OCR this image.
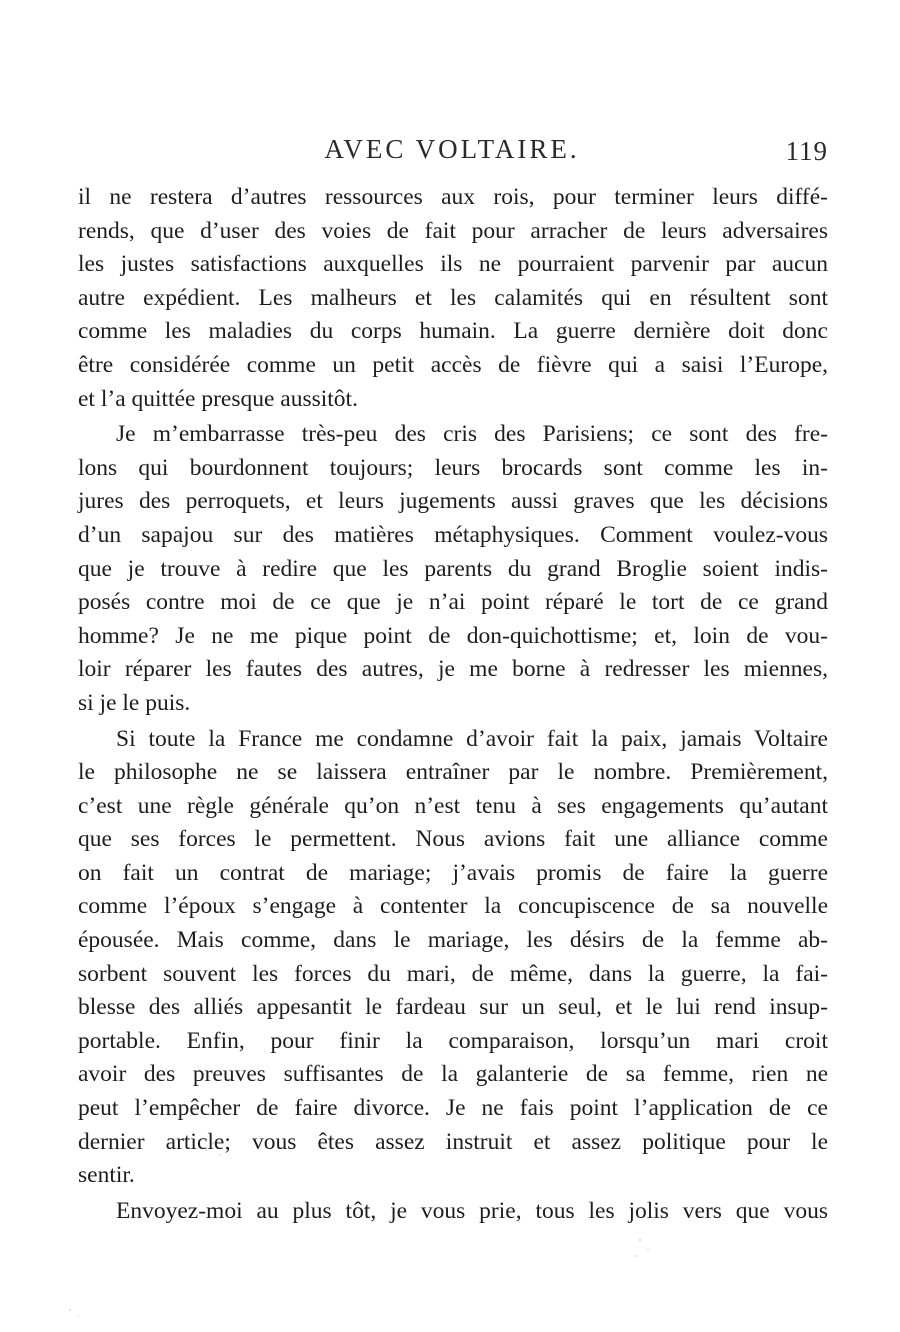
AVEC VOLTAIRE.	119
il ne restera d’autres ressources aux rois, pour terminer leurs diffé-
rends, que d’user des voies de fait pour arracher de leurs adversaires
les justes satisfactions auxquelles ils ne pourraient parvenir par aucun
autre expédient. Les malheurs et les calamités qui en résultent sont
comme les maladies du corps humain. La guerre dernière doit donc
être considérée comme un petit accès de fièvre qui a saisi l’Europe,
et l’a quittée presque aussitôt.
Je m’embarrasse très-peu des cris des Parisiens; ce sont des fre-
lons qui bourdonnent toujours; leurs brocards sont comme les in-
jures des perroquets, et leurs jugements aussi graves que les décisions
d’un sapajou sur des matières métaphysiques. Comment voulez-vous
que je trouve à redire que les parents du grand Broglie soient indis-
posés contre moi de ce que je n’ai point réparé le tort de ce grand
homme? Je ne me pique point de don-quichottisme; et, loin de vou-
loir réparer les fautes des autres, je me borne à redresser les miennes,
si je le puis.
Si toute la France me condamne d’avoir fait la paix, jamais Voltaire
le philosophe ne se laissera entraîner par le nombre. Premièrement,
c’est une règle générale qu’on n’est tenu à ses engagements qu’autant
que ses forces le permettent. Nous avions fait une alliance comme
on fait un contrat de mariage; j’avais promis de faire la guerre
comme l’époux s’engage à contenter la concupiscence de sa nouvelle
épousée. Mais comme, dans le mariage, les désirs de la femme ab-
sorbent souvent les forces du mari, de même, dans la guerre, la fai-
blesse des alliés appesantit le fardeau sur un seul, et le lui rend insup-
portable. Enfin, pour finir la comparaison, lorsqu’un mari croit
avoir des preuves suffisantes de la galanterie de sa femme, rien ne
peut l’empêcher de faire divorce. Je ne fais point l’application de ce
dernier article; vous êtes assez instruit et assez politique pour le
sentir.
Envoyez-moi au plus tôt, je vous prie, tous les jolis vers que vous
